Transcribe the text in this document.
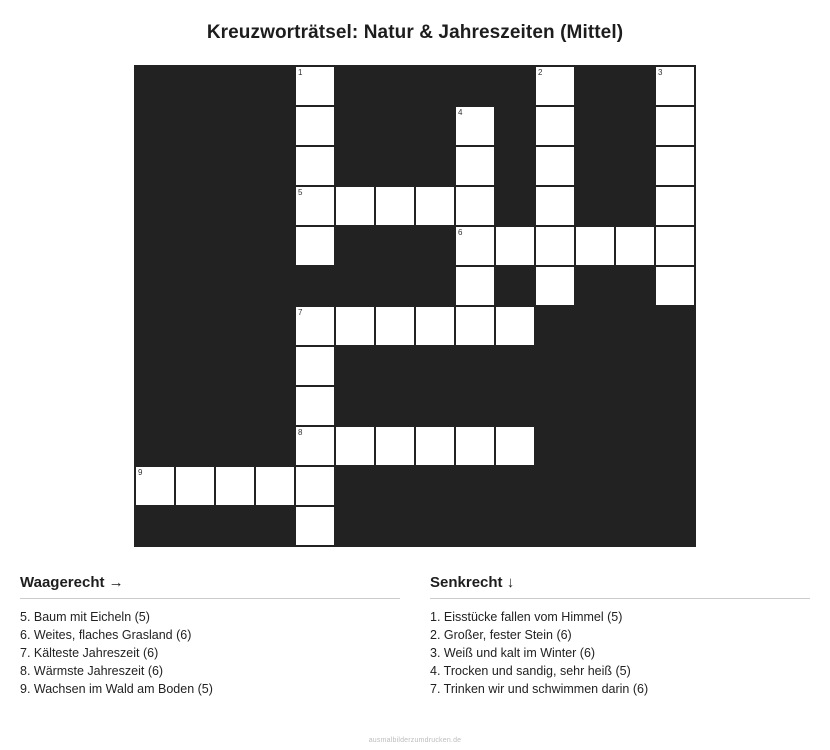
Kreuzworträtsel: Natur & Jahreszeiten (Mittel)
1	2	3
4
5
6
7
8
9
Waagerecht →
5. Baum mit Eicheln (5)
6. Weites, flaches Grasland (6)
7. Kälteste Jahreszeit (6)
8. Wärmste Jahreszeit (6)
9. Wachsen im Wald am Boden (5)
Senkrecht ↓
1. Eisstücke fallen vom Himmel (5)
2. Großer, fester Stein (6)
3. Weiß und kalt im Winter (6)
4. Trocken und sandig, sehr heiß (5)
7. Trinken wir und schwimmen darin (6)
ausmalbilderzumdrucken.de
